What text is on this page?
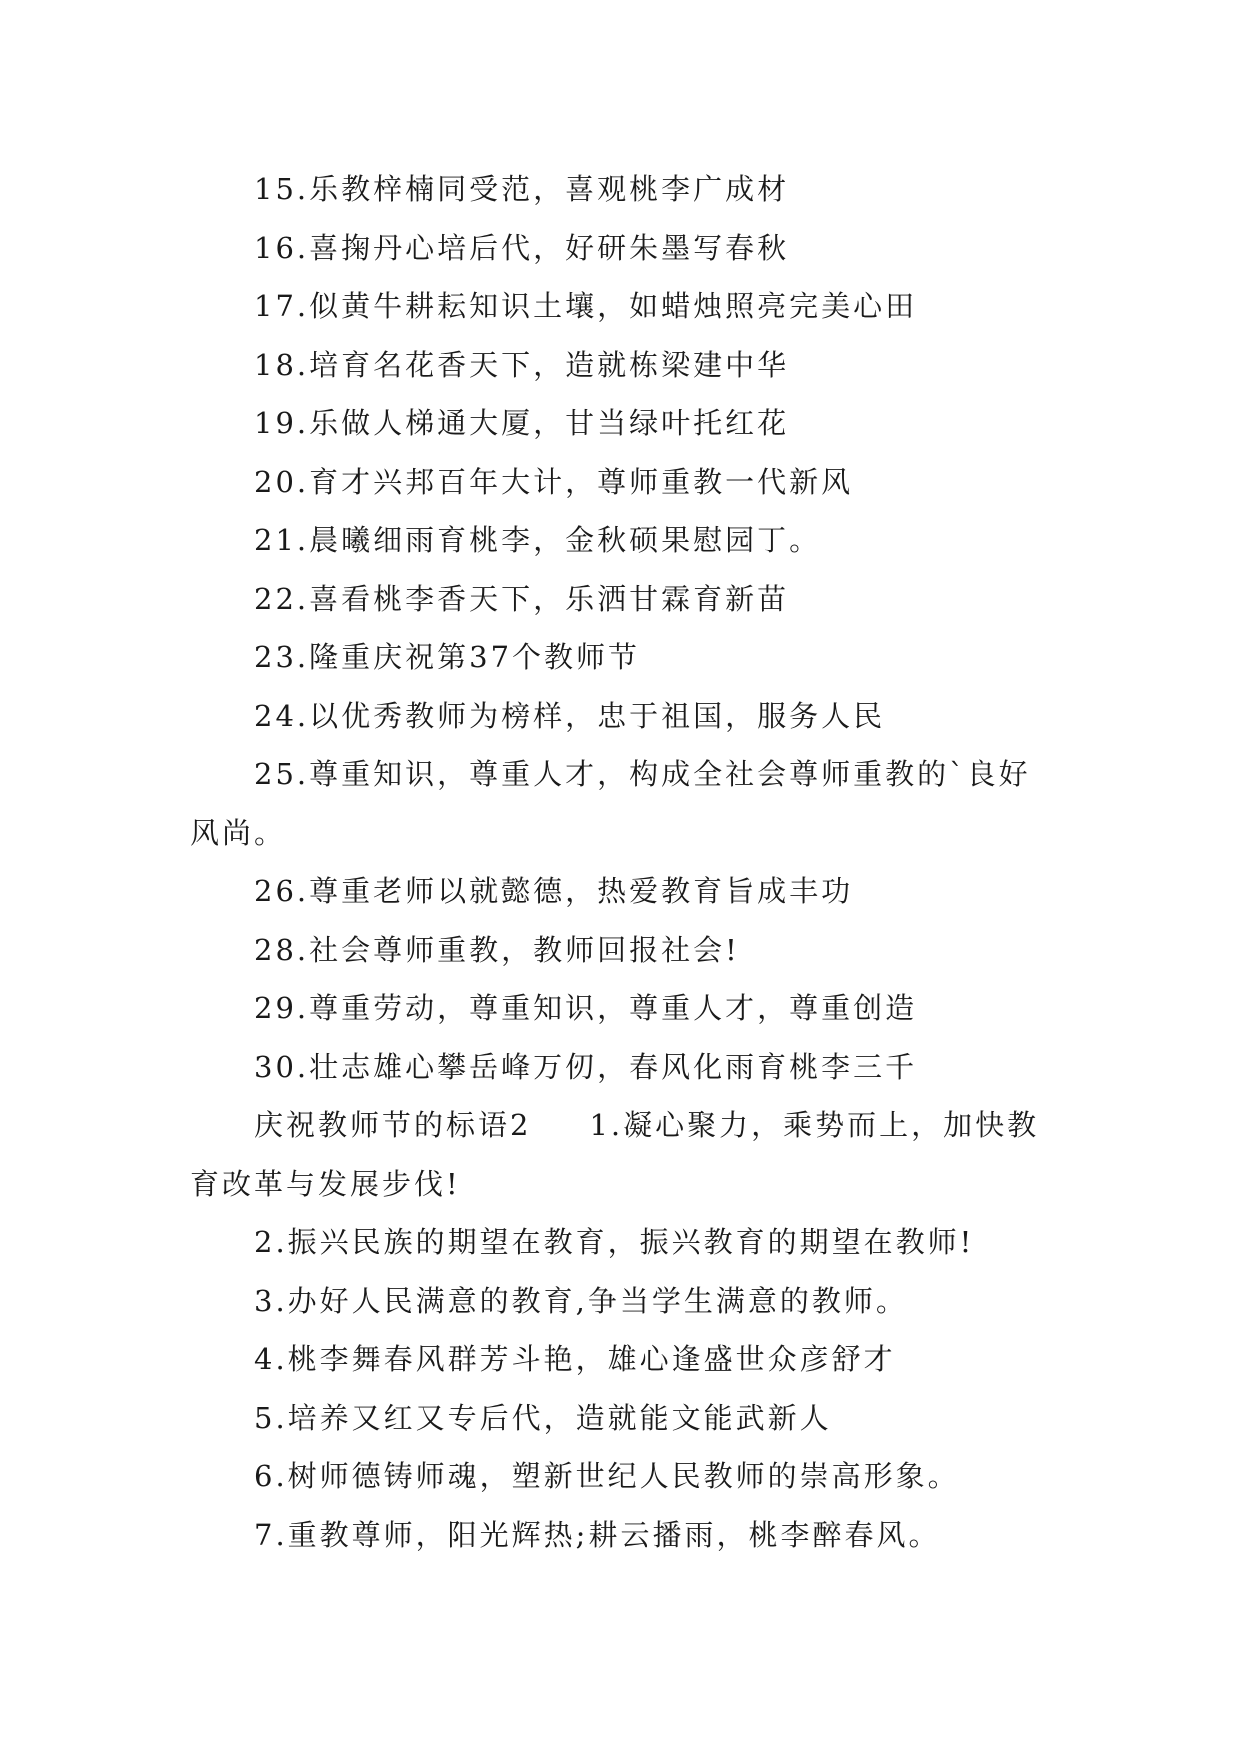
15.乐教梓楠同受范，喜观桃李广成材

16.喜掬丹心培后代，好研朱墨写春秋

17.似黄牛耕耘知识土壤，如蜡烛照亮完美心田

18.培育名花香天下，造就栋梁建中华

19.乐做人梯通大厦，甘当绿叶托红花

20.育才兴邦百年大计，尊师重教一代新风

21.晨曦细雨育桃李，金秋硕果慰园丁。

22.喜看桃李香天下，乐洒甘霖育新苗

23.隆重庆祝第37个教师节

24.以优秀教师为榜样，忠于祖国，服务人民

25.尊重知识，尊重人才，构成全社会尊师重教的`良好风尚。

26.尊重老师以就懿德，热爱教育旨成丰功

28.社会尊师重教，教师回报社会!

29.尊重劳动，尊重知识，尊重人才，尊重创造

30.壮志雄心攀岳峰万仞，春风化雨育桃李三千

庆祝教师节的标语2 1.凝心聚力，乘势而上，加快教育改革与发展步伐!

2.振兴民族的期望在教育，振兴教育的期望在教师!

3.办好人民满意的教育,争当学生满意的教师。

4.桃李舞春风群芳斗艳，雄心逢盛世众彦舒才

5.培养又红又专后代，造就能文能武新人

6.树师德铸师魂，塑新世纪人民教师的崇高形象。

7.重教尊师，阳光辉热;耕云播雨，桃李醉春风。
